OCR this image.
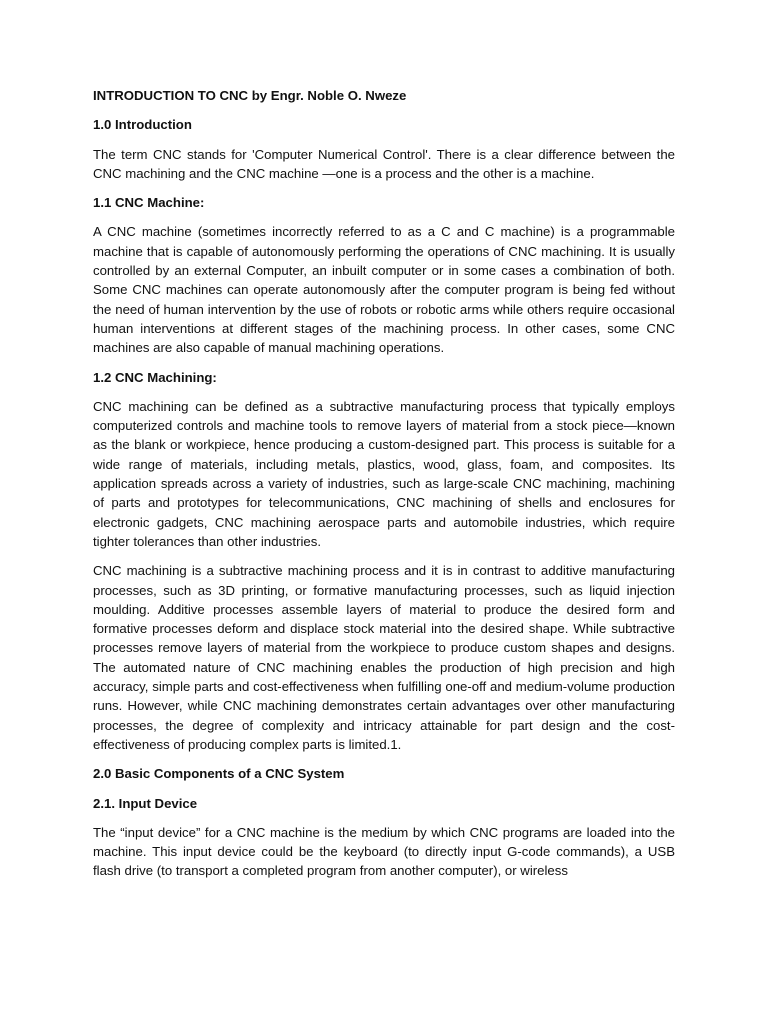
INTRODUCTION TO CNC by Engr. Noble O. Nweze
1.0 Introduction
The term CNC stands for 'Computer Numerical Control'. There is a clear difference between the CNC machining and the CNC machine —one is a process and the other is a machine.
1.1 CNC Machine:
A CNC machine (sometimes incorrectly referred to as a C and C machine) is a programmable machine that is capable of autonomously performing the operations of CNC machining. It is usually controlled by an external Computer, an inbuilt computer or in some cases a combination of both. Some CNC machines can operate autonomously after the computer program is being fed without the need of human intervention by the use of robots or robotic arms while others require occasional human interventions at different stages of the machining process. In other cases, some CNC machines are also capable of manual machining operations.
1.2 CNC Machining:
CNC machining can be defined as a subtractive manufacturing process that typically employs computerized controls and machine tools to remove layers of material from a stock piece—known as the blank or workpiece, hence producing a custom-designed part. This process is suitable for a wide range of materials, including metals, plastics, wood, glass, foam, and composites. Its application spreads across a variety of industries, such as large-scale CNC machining, machining of parts and prototypes for telecommunications, CNC machining of shells and enclosures for electronic gadgets, CNC machining aerospace parts and automobile industries, which require tighter tolerances than other industries.
CNC machining is a subtractive machining process and it is in contrast to additive manufacturing processes, such as 3D printing, or formative manufacturing processes, such as liquid injection moulding. Additive processes assemble layers of material to produce the desired form and formative processes deform and displace stock material into the desired shape. While subtractive processes remove layers of material from the workpiece to produce custom shapes and designs. The automated nature of CNC machining enables the production of high precision and high accuracy, simple parts and cost-effectiveness when fulfilling one-off and medium-volume production runs. However, while CNC machining demonstrates certain advantages over other manufacturing processes, the degree of complexity and intricacy attainable for part design and the cost-effectiveness of producing complex parts is limited.1.
2.0 Basic Components of a CNC System
2.1. Input Device
The “input device” for a CNC machine is the medium by which CNC programs are loaded into the machine. This input device could be the keyboard (to directly input G-code commands), a USB flash drive (to transport a completed program from another computer), or wireless
